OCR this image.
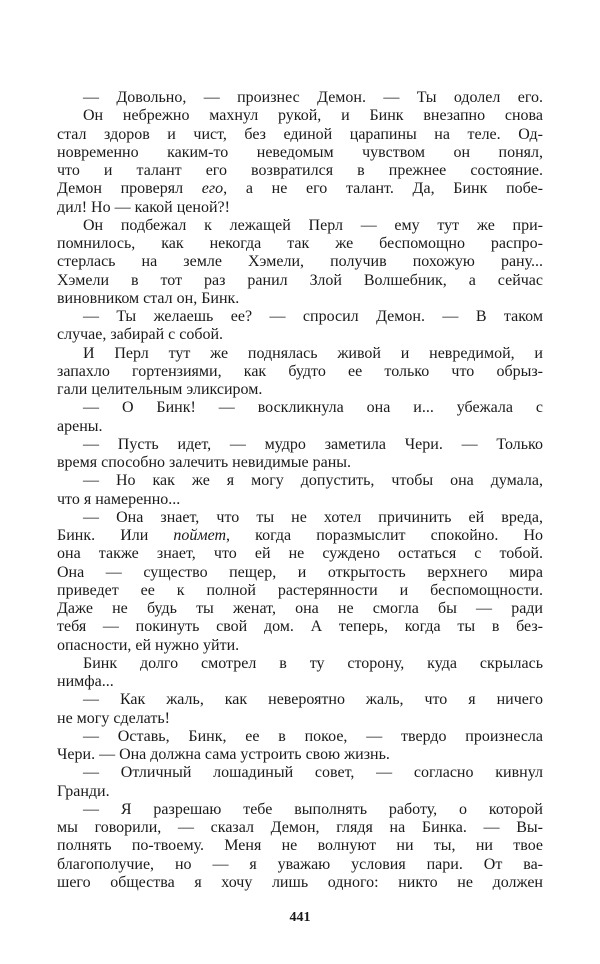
— Довольно, — произнес Демон. — Ты одолел его.
Он небрежно махнул рукой, и Бинк внезапно снова
стал здоров и чист, без единой царапины на теле. Од-
новременно каким-то неведомым чувством он понял,
что и талант его возвратился в прежнее состояние.
Демон проверял его, а не его талант. Да, Бинк побе-
дил! Но — какой ценой?!
Он подбежал к лежащей Перл — ему тут же при-
помнилось, как некогда так же беспомощно распро-
стерлась на земле Хэмели, получив похожую рану...
Хэмели в тот раз ранил Злой Волшебник, а сейчас
виновником стал он, Бинк.
— Ты желаешь ее? — спросил Демон. — В таком
случае, забирай с собой.
И Перл тут же поднялась живой и невредимой, и
запахло гортензиями, как будто ее только что обрыз-
гали целительным эликсиром.
— О Бинк! — воскликнула она и... убежала с
арены.
— Пусть идет, — мудро заметила Чери. — Только
время способно залечить невидимые раны.
— Но как же я могу допустить, чтобы она думала,
что я намеренно...
— Она знает, что ты не хотел причинить ей вреда,
Бинк. Или поймет, когда поразмыслит спокойно. Но
она также знает, что ей не суждено остаться с тобой.
Она — существо пещер, и открытость верхнего мира
приведет ее к полной растерянности и беспомощности.
Даже не будь ты женат, она не смогла бы — ради
тебя — покинуть свой дом. А теперь, когда ты в без-
опасности, ей нужно уйти.
Бинк долго смотрел в ту сторону, куда скрылась
нимфа...
— Как жаль, как невероятно жаль, что я ничего
не могу сделать!
— Оставь, Бинк, ее в покое, — твердо произнесла
Чери. — Она должна сама устроить свою жизнь.
— Отличный лошадиный совет, — согласно кивнул
Гранди.
— Я разрешаю тебе выполнять работу, о которой
мы говорили, — сказал Демон, глядя на Бинка. — Вы-
полнять по-твоему. Меня не волнуют ни ты, ни твое
благополучие, но — я уважаю условия пари. От ва-
шего общества я хочу лишь одного: никто не должен
441
